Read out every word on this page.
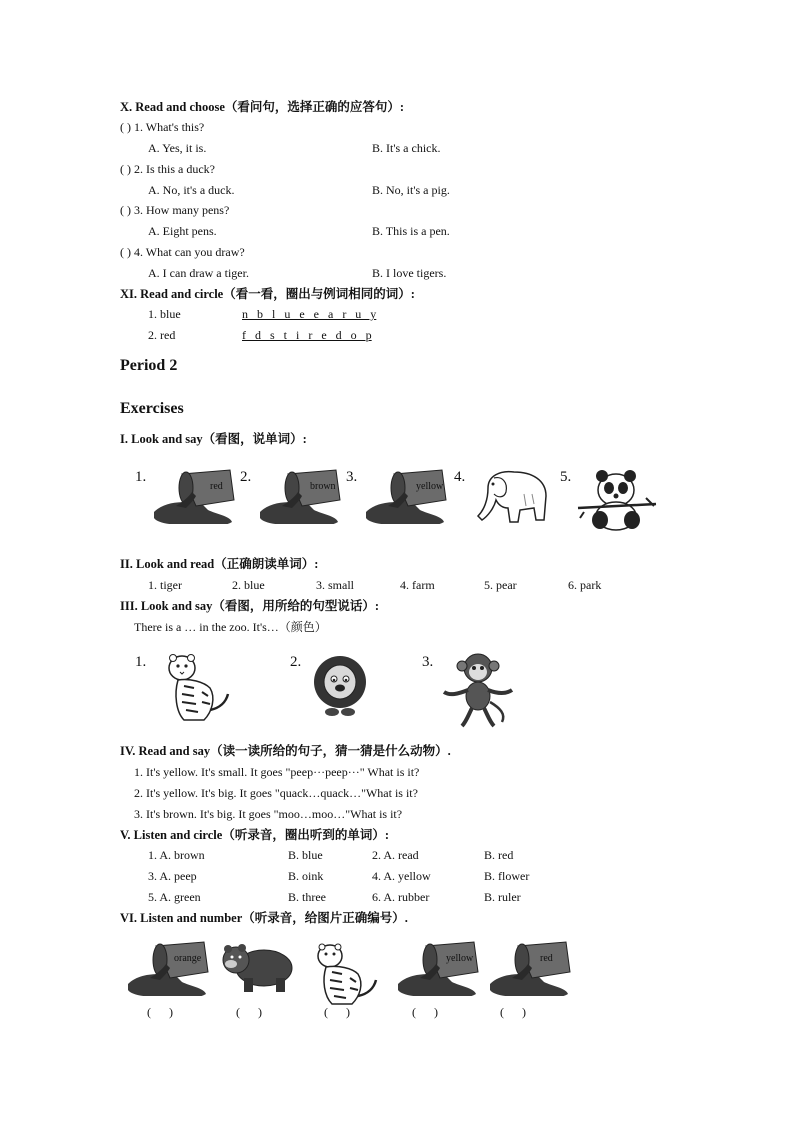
X. Read and choose（看问句，选择正确的应答句）:
( ) 1. What's this?
A. Yes, it is.	B. It's a chick.
( ) 2. Is this a duck?
A. No, it's a duck.	B. No, it's a pig.
( ) 3. How many pens?
A. Eight pens.	B. This is a pen.
( ) 4. What can you draw?
A. I can draw a tiger.	B. I love tigers.
XI. Read and circle（看一看，圈出与例词相同的词）:
1. blue	n   b   l   u   e   e   a   r   u   y
2. red	f   d   s   t   i   r   e   d   o   p
Period 2
Exercises
I. Look and say（看图，说单词）:
1.
red
2.
brown
3.
yellow
4.	5.
II. Look and read（正确朗读单词）:
1. tiger	2. blue	3. small	4. farm	5. pear	6. park
III. Look and say（看图，用所给的句型说话）:
There is a … in the zoo. It's…（颜色）
1.	2.	3.
IV. Read and say（读一读所给的句子，猜一猜是什么动物）.
1. It's yellow. It's small. It goes "peep···peep···" What is it?
2. It's yellow. It's big. It goes "quack…quack…"What is it?
3. It's brown. It's big. It goes "moo…moo…"What is it?
V. Listen and circle（听录音，圈出听到的单词）:
1. A. brown	B. blue	2. A. read	B. red
3. A. peep	B. oink	4. A. yellow	B. flower
5. A. green	B. three	6. A. rubber	B. ruler
VI. Listen and number（听录音，给图片正确编号）.
orange	yellow	red
(      )	(      )	(      )	(      )	(      )
